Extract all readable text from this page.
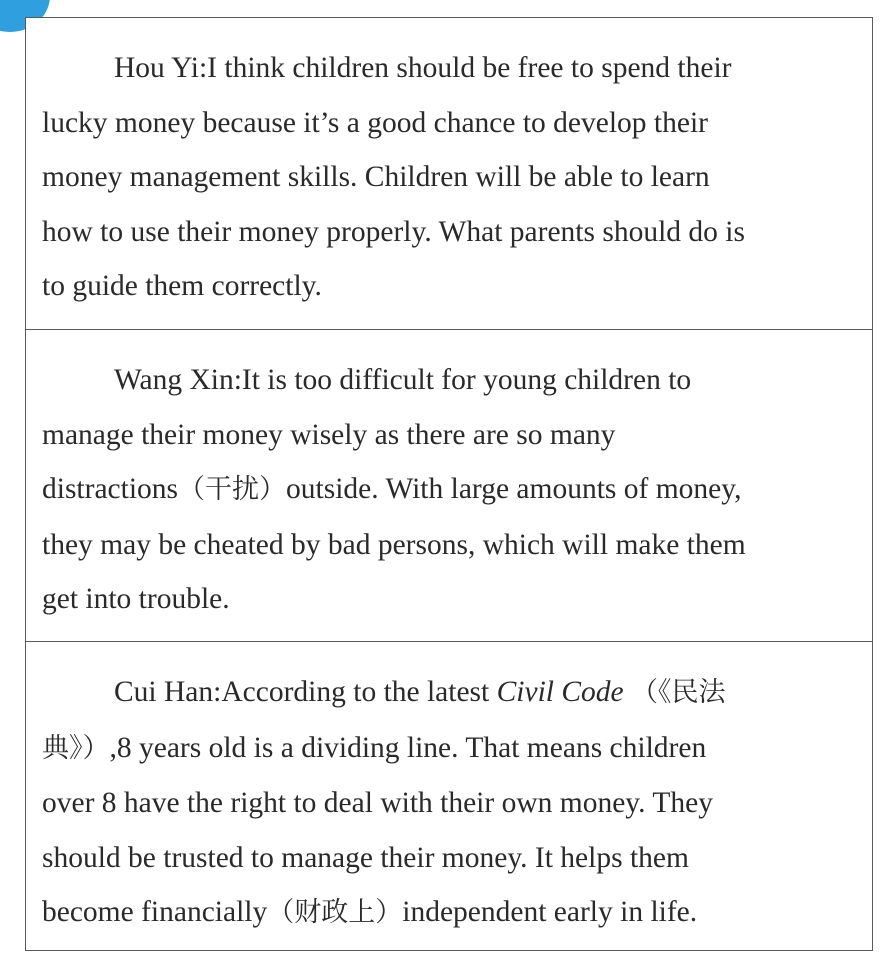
Hou Yi:I think children should be free to spend their
lucky money because it’s a good chance to develop their
money management skills. Children will be able to learn
how to use their money properly. What parents should do is
to guide them correctly.

Wang Xin:It is too difficult for young children to
manage their money wisely as there are so many
distractions（干扰）outside. With large amounts of money,
they may be cheated by bad persons, which will make them
get into trouble.

Cui Han:According to the latest Civil Code （《民法
典》）,8 years old is a dividing line. That means children
over 8 have the right to deal with their own money. They
should be trusted to manage their money. It helps them
become financially（财政上）independent early in life.
